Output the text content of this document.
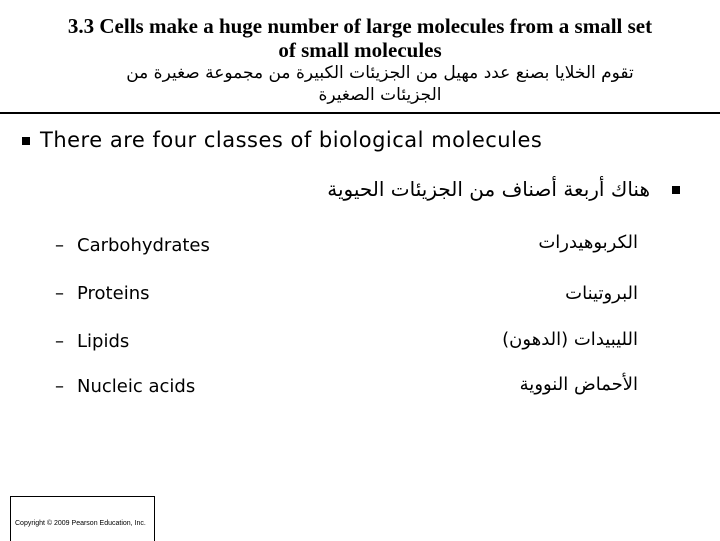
3.3 Cells make a huge number of large molecules from a small set
of small molecules
تقوم الخلايا بصنع عدد مهيل من الجزيئات الكبيرة من مجموعة صغيرة من
الجزيئات الصغيرة
There are four classes of biological molecules
هناك أربعة أصناف من الجزيئات الحيوية
– Carbohydrates	الكربوهيدرات
– Proteins	البروتينات
– Lipids	الليبيدات (الدهون)
– Nucleic acids	الأحماض النووية
Copyright © 2009 Pearson Education, Inc.
